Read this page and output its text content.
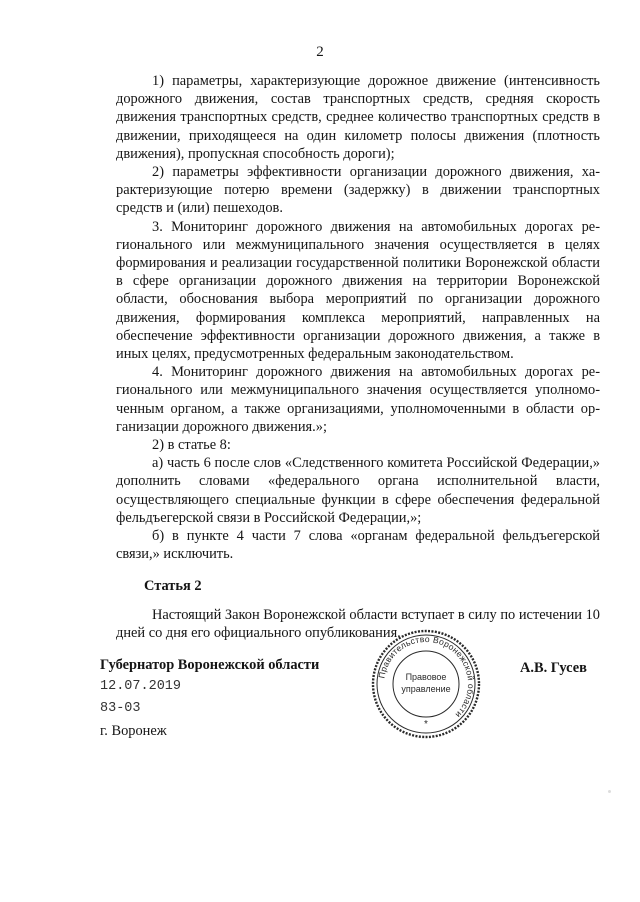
2

1) параметры, характеризующие дорожное движение (интенсивность дорожного движения, состав транспортных средств, средняя скорость движения транспортных средств, среднее количество транспортных средств в движении, приходящееся на один километр полосы движения (плотность движения), пропускная способность дороги);

2) параметры эффективности организации дорожного движения, характеризующие потерю времени (задержку) в движении транспортных средств и (или) пешеходов.

3. Мониторинг дорожного движения на автомобильных дорогах регионального или межмуниципального значения осуществляется в целях формирования и реализации государственной политики Воронежской области в сфере организации дорожного движения на территории Воронежской области, обоснования выбора мероприятий по организации дорожного движения, формирования комплекса мероприятий, направленных на обеспечение эффективности организации дорожного движения, а также в иных целях, предусмотренных федеральным законодательством.

4. Мониторинг дорожного движения на автомобильных дорогах регионального или межмуниципального значения осуществляется уполномоченным органом, а также организациями, уполномоченными в области организации дорожного движения.»;

2) в статье 8:

а) часть 6 после слов «Следственного комитета Российской Федерации,» дополнить словами «федерального органа исполнительной власти, осуществляющего специальные функции в сфере обеспечения федеральной фельдъегерской связи в Российской Федерации,»;

б) в пункте 4 части 7 слова «органам федеральной фельдъегерской связи,» исключить.

Статья 2

Настоящий Закон Воронежской области вступает в силу по истечении 10 дней со дня его официального опубликования.

Губернатор Воронежской области
12.07.2019
83-03
г. Воронеж
Правительство Воронежской области
Правовое
управление
*
А.В. Гусев
